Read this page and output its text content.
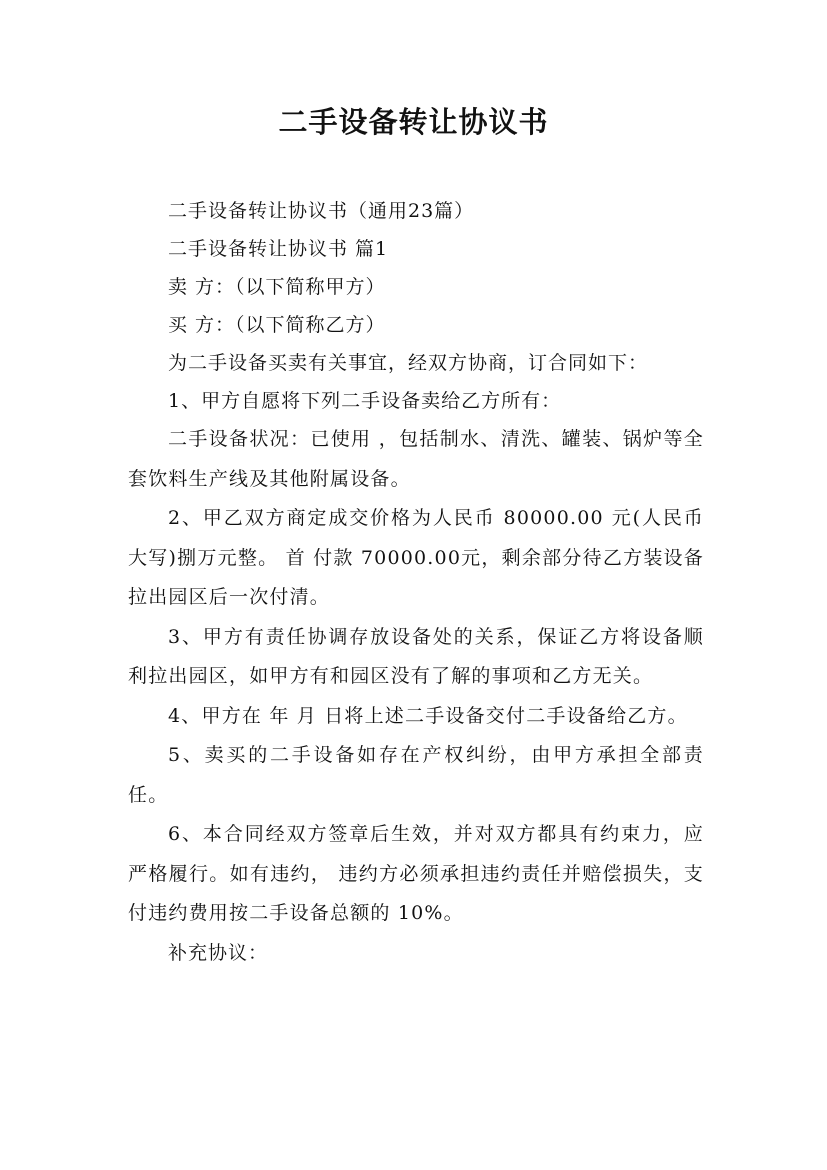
二手设备转让协议书

二手设备转让协议书（通用23篇）

二手设备转让协议书 篇1

卖 方：（以下简称甲方）

买 方：（以下简称乙方）

为二手设备买卖有关事宜，经双方协商，订合同如下：

1、甲方自愿将下列二手设备卖给乙方所有：

二手设备状况：已使用 ，包括制水、清洗、罐装、锅炉等全套饮料生产线及其他附属设备。

2、甲乙双方商定成交价格为人民币 80000.00 元(人民币大写)捌万元整。 首 付款 70000.00元，剩余部分待乙方装设备拉出园区后一次付清。

3、甲方有责任协调存放设备处的关系，保证乙方将设备顺利拉出园区，如甲方有和园区没有了解的事项和乙方无关。

4、甲方在 年 月 日将上述二手设备交付二手设备给乙方。

5、卖买的二手设备如存在产权纠纷，由甲方承担全部责任。

6、本合同经双方签章后生效，并对双方都具有约束力，应严格履行。如有违约， 违约方必须承担违约责任并赔偿损失，支付违约费用按二手设备总额的 10%。

补充协议：
